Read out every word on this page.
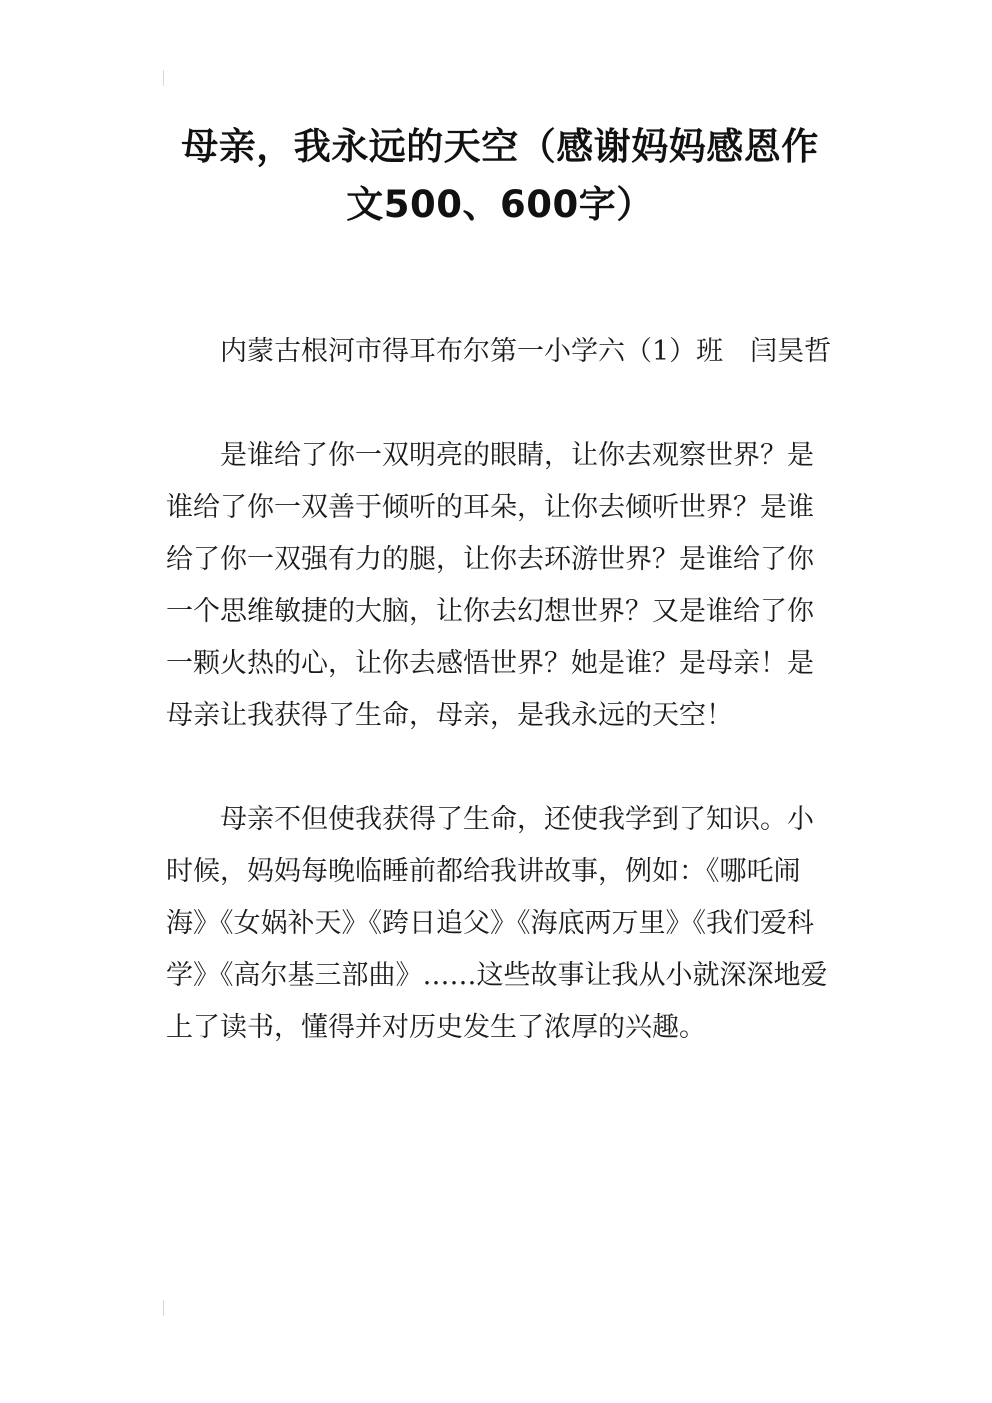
母亲，我永远的天空（感谢妈妈感恩作
文500、600字）

内蒙古根河市得耳布尔第一小学六（1）班　闫昊哲

是谁给了你一双明亮的眼睛，让你去观察世界？是谁给了你一双善于倾听的耳朵，让你去倾听世界？是谁给了你一双强有力的腿，让你去环游世界？是谁给了你一个思维敏捷的大脑，让你去幻想世界？又是谁给了你一颗火热的心，让你去感悟世界？她是谁？是母亲！是母亲让我获得了生命，母亲，是我永远的天空！

母亲不但使我获得了生命，还使我学到了知识。小时候，妈妈每晚临睡前都给我讲故事，例如：《哪吒闹海》《女娲补天》《跨日追父》《海底两万里》《我们爱科学》《高尔基三部曲》……这些故事让我从小就深深地爱上了读书，懂得并对历史发生了浓厚的兴趣。
